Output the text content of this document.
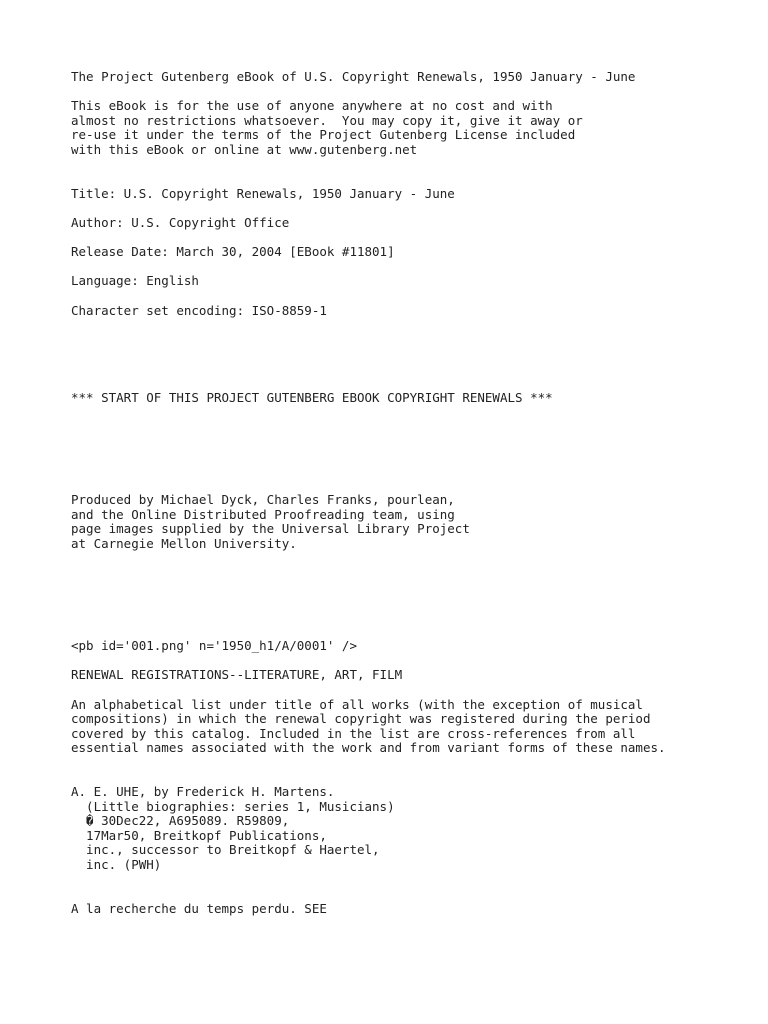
The Project Gutenberg eBook of U.S. Copyright Renewals, 1950 January - June
This eBook is for the use of anyone anywhere at no cost and with
almost no restrictions whatsoever.  You may copy it, give it away or
re-use it under the terms of the Project Gutenberg License included
with this eBook or online at www.gutenberg.net
Title: U.S. Copyright Renewals, 1950 January - June
Author: U.S. Copyright Office
Release Date: March 30, 2004 [EBook #11801]
Language: English
Character set encoding: ISO-8859-1
*** START OF THIS PROJECT GUTENBERG EBOOK COPYRIGHT RENEWALS ***
Produced by Michael Dyck, Charles Franks, pourlean,
and the Online Distributed Proofreading team, using
page images supplied by the Universal Library Project
at Carnegie Mellon University.
<pb id='001.png' n='1950_h1/A/0001' />
RENEWAL REGISTRATIONS--LITERATURE, ART, FILM
An alphabetical list under title of all works (with the exception of musical
compositions) in which the renewal copyright was registered during the period
covered by this catalog. Included in the list are cross-references from all
essential names associated with the work and from variant forms of these names.
A. E. UHE, by Frederick H. Martens.
(Little biographies: series 1, Musicians)
� 30Dec22, A695089. R59809,
17Mar50, Breitkopf Publications,
inc., successor to Breitkopf & Haertel,
inc. (PWH)
A la recherche du temps perdu. SEE
